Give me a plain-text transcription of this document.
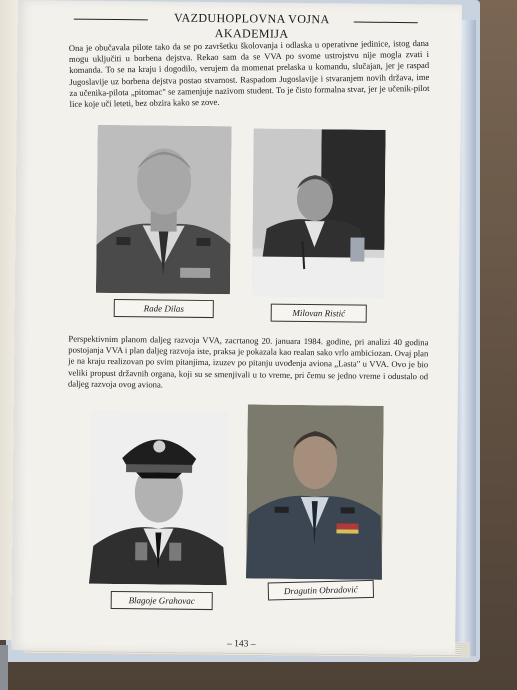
VAZDUHOPLOVNA VOJNA AKADEMIJA

Ona je obučavala pilote tako da se po završetku školovanja i odlaska u operativne jedinice, istog dana mogu uključiti u borbena dejstva. Rekao sam da se VVA po svome ustrojstvu nije mogla zvati i komanda. To se na kraju i dogodilo, verujem da momenat prelaska u komandu, slučajan, jer je raspad Jugoslavije uz borbena dejstva postao stvarnost. Raspadom Jugoslavije i stvaranjem novih država, ime za učenika-pilota „pitomac" se zamenjuje nazivom student. To je čisto formalna stvar, jer je učenik-pilot lice koje uči leteti, bez obzira kako se zove.

Rade Dilas	Milovan Ristić

Perspektivnim planom daljeg razvoja VVA, zacrtanog 20. januara 1984. godine, pri analizi 40 godina postojanja VVA i plan daljeg razvoja iste, praksa je pokazala kao realan sako vrlo ambiciozan. Ovaj plan je na kraju realizovan po svim pitanjima, izuzev po pitanju uvođenja aviona „Lasta" u VVA. Ovo je bio veliki propust državnih organa, koji su se smenjivali u to vreme, pri čemu se jedno vreme i odustalo od daljeg razvoja ovog aviona.

Blagoje Grahovac
Dragutin Obradović
– 143 –
